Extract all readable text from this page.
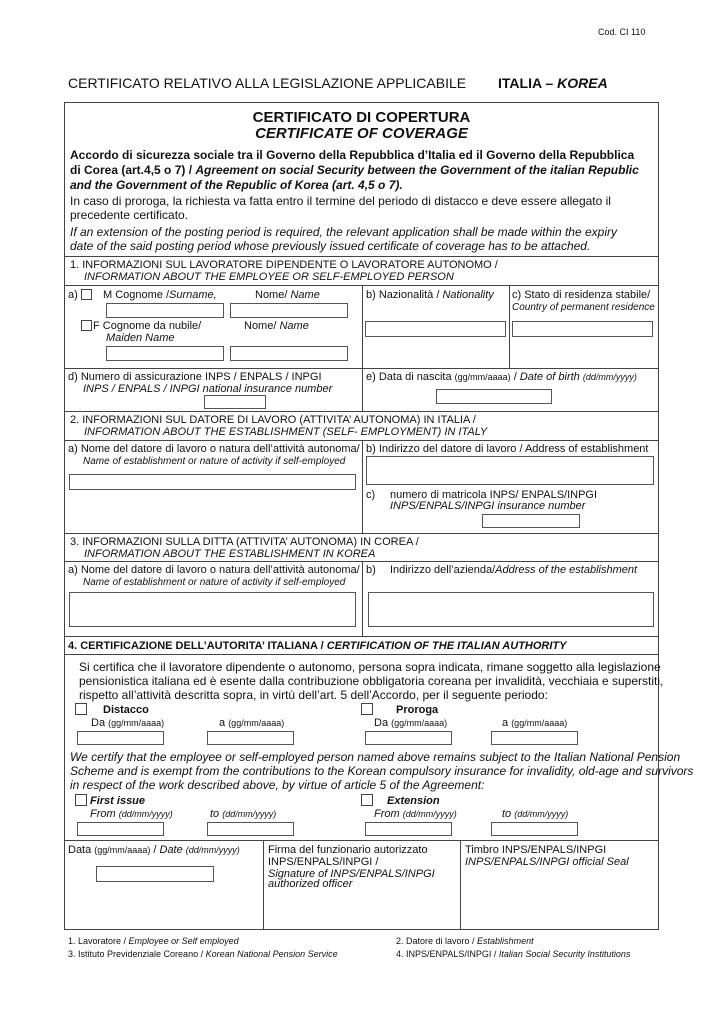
Cod. CI 110
CERTIFICATO RELATIVO ALLA LEGISLAZIONE APPLICABILE ITALIA – KOREA
CERTIFICATO DI COPERTURA
CERTIFICATE OF COVERAGE
Accordo di sicurezza sociale tra il Governo della Repubblica d’Italia ed il Governo della Repubblica
di Corea (art.4,5 o 7) / Agreement on social Security between the Government of the italian Republic
and the Government of the Republic of Korea (art. 4,5 o 7).
In caso di proroga, la richiesta va fatta entro il termine del periodo di distacco e deve essere allegato il
precedente certificato.
If an extension of the posting period is required, the relevant application shall be made within the expiry
date of the said posting period whose previously issued certificate of coverage has to be attached.
1. INFORMAZIONI SUL LAVORATORE DIPENDENTE O LAVORATORE AUTONOMO /
INFORMATION ABOUT THE EMPLOYEE OR SELF-EMPLOYED PERSON
a) M Cognome /Surname,	Nome/ Name
F Cognome da nubile/
Maiden Name
Nome/ Name
b) Nazionalità / Nationality c) Stato di residenza stabile/
Country of permanent residence
d) Numero di assicurazione INPS / ENPALS / INPGI
INPS / ENPALS / INPGI national insurance number
e) Data di nascita (gg/mm/aaaa) / Date of birth (dd/mm/yyyy)
2. INFORMAZIONI SUL DATORE DI LAVORO (ATTIVITA’ AUTONOMA) IN ITALIA /
INFORMATION ABOUT THE ESTABLISHMENT (SELF- EMPLOYMENT) IN ITALY
a) Nome del datore di lavoro o natura dell’attività autonoma/
Name of establishment or nature of activity if self-employed
b) Indirizzo del datore di lavoro / Address of establishment
c) numero di matricola INPS/ ENPALS/INPGI
INPS/ENPALS/INPGI insurance number
3. INFORMAZIONI SULLA DITTA (ATTIVITA’ AUTONOMA) IN COREA /
INFORMATION ABOUT THE ESTABLISHMENT IN KOREA
a) Nome del datore di lavoro o natura dell’attività autonoma/
Name of establishment or nature of activity if self-employed
b) Indirizzo dell’azienda/Address of the establishment
4. CERTIFICAZIONE DELL’AUTORITA’ ITALIANA / CERTIFICATION OF THE ITALIAN AUTHORITY
Si certifica che il lavoratore dipendente o autonomo, persona sopra indicata, rimane soggetto alla legislazione
pensionistica italiana ed è esente dalla contribuzione obbligatoria coreana per invalidità, vecchiaia e superstiti,
rispetto all’attività descritta sopra, in virtù dell’art. 5 dell’Accordo, per il seguente periodo:
Distacco	Proroga
Da (gg/mm/aaaa)	a (gg/mm/aaaa)	Da (gg/mm/aaaa)	a (gg/mm/aaaa)
We certify that the employee or self-employed person named above remains subject to the Italian National Pension
Scheme and is exempt from the contributions to the Korean compulsory insurance for invalidity, old-age and survivors
in respect of the work described above, by virtue of article 5 of the Agreement:
First issue	Extension
From (dd/mm/yyyy)	to (dd/mm/yyyy)	From (dd/mm/yyyy)	to (dd/mm/yyyy)
Data (gg/mm/aaaa) / Date (dd/mm/yyyy)	Firma del funzionario autorizzato
INPS/ENPALS/INPGI /
Signature of INPS/ENPALS/INPGI
authorized officer
Timbro INPS/ENPALS/INPGI
INPS/ENPALS/INPGI official Seal
1. Lavoratore / Employee or Self employed	2. Datore di lavoro / Establishment
3. Istituto Previdenziale Coreano / Korean National Pension Service	4. INPS/ENPALS/INPGI / Italian Social Security Institutions
